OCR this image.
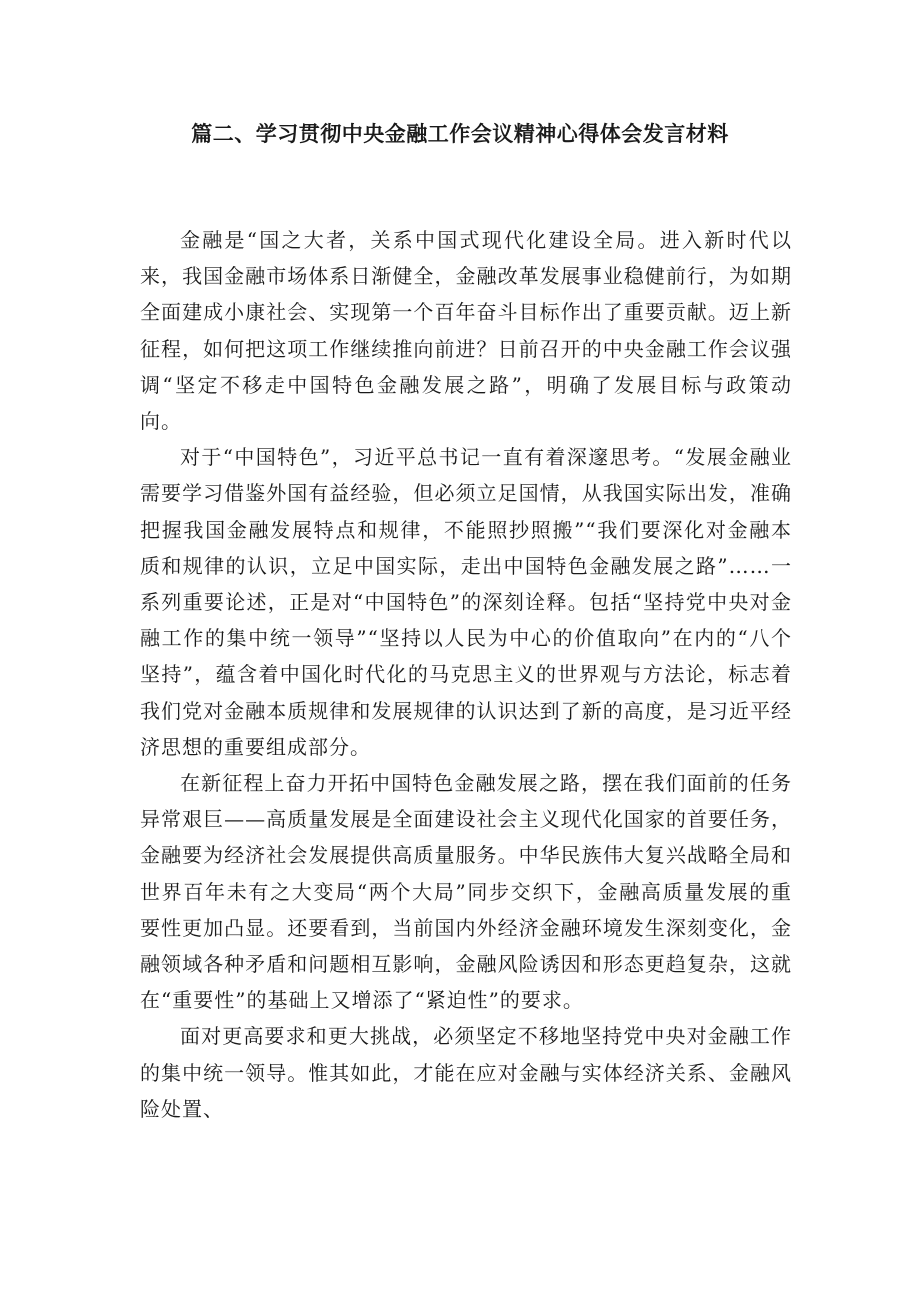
篇二、学习贯彻中央金融工作会议精神心得体会发言材料

金融是“国之大者，关系中国式现代化建设全局。进入新时代以来，我国金融市场体系日渐健全，金融改革发展事业稳健前行，为如期全面建成小康社会、实现第一个百年奋斗目标作出了重要贡献。迈上新征程，如何把这项工作继续推向前进？日前召开的中央金融工作会议强调“坚定不移走中国特色金融发展之路”，明确了发展目标与政策动向。

对于“中国特色”，习近平总书记一直有着深邃思考。“发展金融业需要学习借鉴外国有益经验，但必须立足国情，从我国实际出发，准确把握我国金融发展特点和规律，不能照抄照搬”“我们要深化对金融本质和规律的认识，立足中国实际，走出中国特色金融发展之路”……一系列重要论述，正是对“中国特色”的深刻诠释。包括“坚持党中央对金融工作的集中统一领导”“坚持以人民为中心的价值取向”在内的“八个坚持”，蕴含着中国化时代化的马克思主义的世界观与方法论，标志着我们党对金融本质规律和发展规律的认识达到了新的高度，是习近平经济思想的重要组成部分。

在新征程上奋力开拓中国特色金融发展之路，摆在我们面前的任务异常艰巨——高质量发展是全面建设社会主义现代化国家的首要任务，金融要为经济社会发展提供高质量服务。中华民族伟大复兴战略全局和世界百年未有之大变局“两个大局”同步交织下，金融高质量发展的重要性更加凸显。还要看到，当前国内外经济金融环境发生深刻变化，金融领域各种矛盾和问题相互影响，金融风险诱因和形态更趋复杂，这就在“重要性”的基础上又增添了“紧迫性”的要求。

面对更高要求和更大挑战，必须坚定不移地坚持党中央对金融工作的集中统一领导。惟其如此，才能在应对金融与实体经济关系、金融风险处置、
